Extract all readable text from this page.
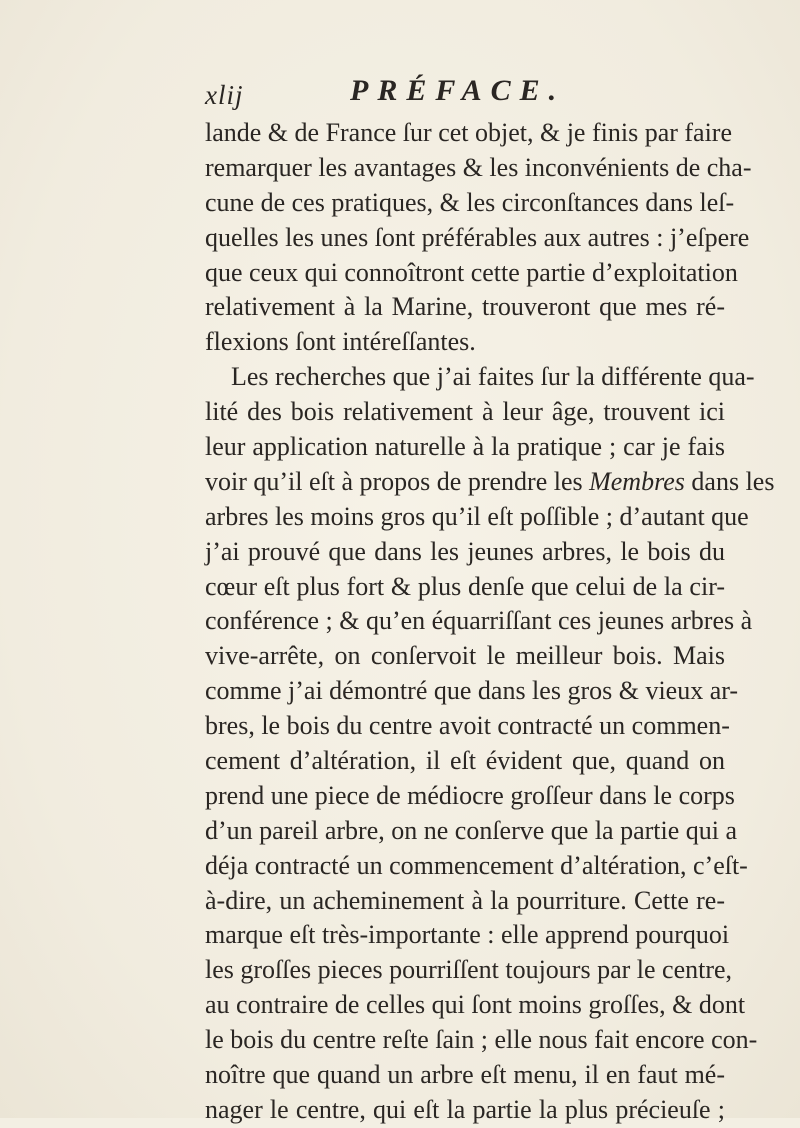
xlij	PRÉFACE.
lande & de France ſur cet objet, & je finis par faire
remarquer les avantages & les inconvénients de cha-
cune de ces pratiques, & les circonſtances dans leſ-
quelles les unes ſont préférables aux autres : j’eſpere
que ceux qui connoîtront cette partie d’exploitation
relativement à la Marine, trouveront que mes ré-
flexions ſont intéreſſantes.
Les recherches que j’ai faites ſur la différente qua-
lité des bois relativement à leur âge, trouvent ici
leur application naturelle à la pratique ; car je fais
voir qu’il eſt à propos de prendre les Membres dans les
arbres les moins gros qu’il eſt poſſible ; d’autant que
j’ai prouvé que dans les jeunes arbres, le bois du
cœur eſt plus fort & plus denſe que celui de la cir-
conférence ; & qu’en équarriſſant ces jeunes arbres à
vive-arrête, on conſervoit le meilleur bois. Mais
comme j’ai démontré que dans les gros & vieux ar-
bres, le bois du centre avoit contracté un commen-
cement d’altération, il eſt évident que, quand on
prend une piece de médiocre groſſeur dans le corps
d’un pareil arbre, on ne conſerve que la partie qui a
déja contracté un commencement d’altération, c’eſt-
à-dire, un acheminement à la pourriture. Cette re-
marque eſt très-importante : elle apprend pourquoi
les groſſes pieces pourriſſent toujours par le centre,
au contraire de celles qui ſont moins groſſes, & dont
le bois du centre reſte ſain ; elle nous fait encore con-
noître que quand un arbre eſt menu, il en faut mé-
nager le centre, qui eſt la partie la plus précieuſe ;
